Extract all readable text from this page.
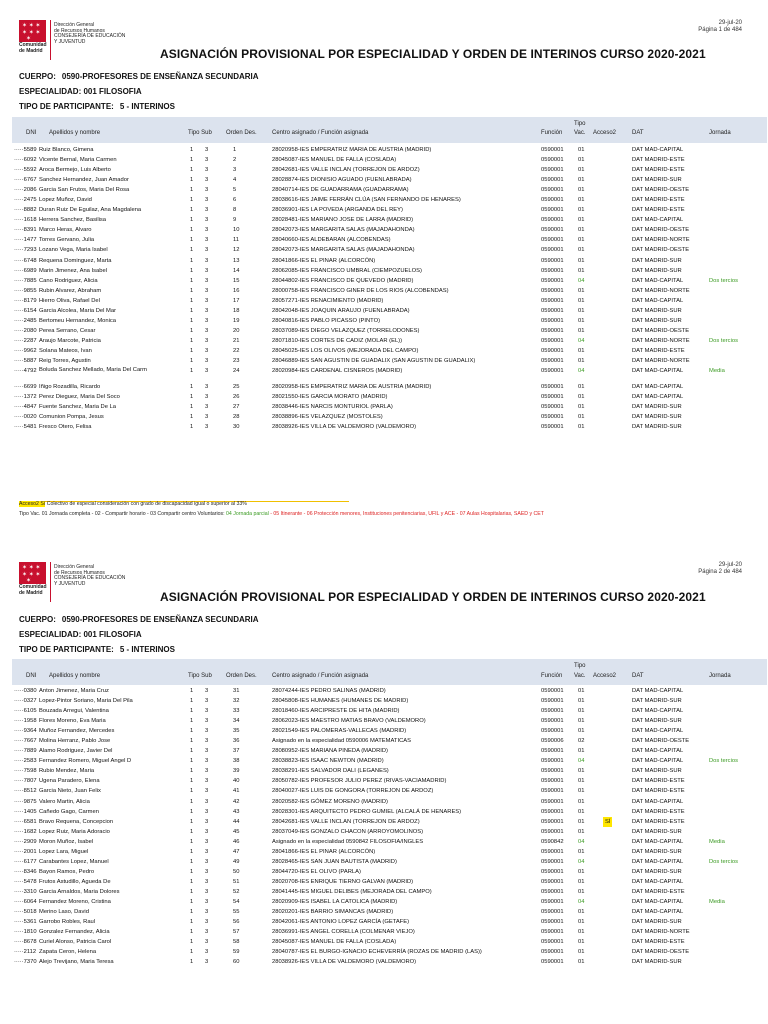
✶ ✶ ✶
✶ ✶ ✶
✶
Comunidad
de Madrid
Dirección General
de Recursos Humanos
CONSEJERÍA DE EDUCACIÓN
Y JUVENTUD
29-jul-20
Página 1 de 484
ASIGNACIÓN PROVISIONAL POR ESPECIALIDAD Y ORDEN DE INTERINOS CURSO 2020-2021
CUERPO: 0590-PROFESORES DE ENSEÑANZA SECUNDARIA
ESPECIALIDAD: 001 FILOSOFIA
TIPO DE PARTICIPANTE: 5 - INTERINOS
DNI Apellidos y nombre	Tipo Sub Orden Des.	Centro asignado / Función asignada	Función
Tipo
Vac. Acceso2	DAT	Jornada
·····5589 Ruiz Blanco, Gimena	1 3	1	28020958-IES EMPERATRIZ MARIA DE AUSTRIA (MADRID)	0590001 01	DAT MAD-CAPITAL
·····6092 Vicente Bernal, Maria Carmen	1 3	2	28045087-IES MANUEL DE FALLA (COSLADA)	0590001 01	DAT MADRID-ESTE
·····5592 Aroca Bermejo, Luis Alberto	1 3	3	28042681-IES VALLE INCLAN (TORREJON DE ARDOZ)	0590001 01	DAT MADRID-ESTE
·····6767 Sanchez Hernandez, Juan Amador	1 3	4	28028874-IES DIONISIO AGUADO (FUENLABRADA)	0590001 01	DAT MADRID-SUR
·····2086 Garcia San Frutos, Maria Del Rosa	1 3	5	28040714-IES DE GUADARRAMA (GUADARRAMA)	0590001 01	DAT MADRID-OESTE
·····2475 Lopez Muñoz, David	1 3	6	28038616-IES JAIME FERRÁN CLÚA (SAN FERNANDO DE HENARES)	0590001 01	DAT MADRID-ESTE
·····8882 Duran Ruiz De Eguilaz, Ana Magdalena	1 3	8	28036901-IES LA POVEDA (ARGANDA DEL REY)	0590001 01	DAT MADRID-ESTE
·····1618 Herrera Sanchez, Basilisa	1 3	9	28028481-IES MARIANO JOSE DE LARRA (MADRID)	0590001 01	DAT MAD-CAPITAL
·····8391 Marco Heras, Alvaro	1 3	10	28042073-IES MARGARITA SALAS (MAJADAHONDA)	0590001 01	DAT MADRID-OESTE
·····1477 Torres Gervano, Julia	1 3	11	28040660-IES ALDEBARAN (ALCOBENDAS)	0590001 01	DAT MADRID-NORTE
·····7293 Lozano Vega, Maria Isabel	1 3	12	28042073-IES MARGARITA SALAS (MAJADAHONDA)	0590001 01	DAT MADRID-OESTE
·····6748 Requena Dominguez, Marta	1 3	13	28041866-IES EL PINAR (ALCORCÓN)	0590001 01	DAT MADRID-SUR
·····6989 Marin Jimenez, Ana Isabel	1 3	14	28062085-IES FRANCISCO UMBRAL (CIEMPOZUELOS)	0590001 01	DAT MADRID-SUR
·····7885 Cano Rodriguez, Alicia	1 3	15	28044802-IES FRANCISCO DE QUEVEDO (MADRID)	0590001 04	DAT MAD-CAPITAL	Dos tercios
·····9855 Rubin Alvarez, Abraham	1 3	16	28000758-IES FRANCISCO GINER DE LOS RIOS (ALCOBENDAS)	0590001 01	DAT MADRID-NORTE
·····8179 Hierro Oliva, Rafael Del	1 3	17	28057271-IES RENACIMIENTO (MADRID)	0590001 01	DAT MAD-CAPITAL
·····6154 Garcia Alcolea, Maria Del Mar	1 3	18	28042048-IES JOAQUIN ARAUJO (FUENLABRADA)	0590001 01	DAT MADRID-SUR
·····2485 Bertomeu Hernandez, Monica	1 3	19	28040816-IES PABLO PICASSO (PINTO)	0590001 01	DAT MADRID-SUR
·····2080 Perea Serrano, Cesar	1 3	20	28037089-IES DIEGO VELAZQUEZ (TORRELODONES)	0590001 01	DAT MADRID-OESTE
·····2287 Araujo Marcote, Patricia	1 3	21	28071810-IES CORTES DE CADIZ (MOLAR (EL))	0590001 04	DAT MADRID-NORTE	Dos tercios
·····9962 Solana Mateos, Ivan	1 3	22	28045025-IES LOS OLIVOS (MEJORADA DEL CAMPO)	0590001 01	DAT MADRID-ESTE
·····5887 Reig Torres, Agustin	1 3	23	28046889-IES SAN AGUSTIN DE GUADALIX (SAN AGUSTIN DE GUADALIX)	0590001 01	DAT MADRID-NORTE
·····4792 Boluda Sanchez Mellado, Maria Del Carm	1 3	24	28020984-IES CARDENAL CISNEROS (MADRID)	0590001 04	DAT MAD-CAPITAL	Media
·····6699 Iñigo Rozadilla, Ricardo	1 3	25	28020958-IES EMPERATRIZ MARIA DE AUSTRIA (MADRID)	0590001 01	DAT MAD-CAPITAL
·····1372 Perez Dieguez, Maria Del Soco	1 3	26	28021550-IES GARCIA MORATO (MADRID)	0590001 01	DAT MAD-CAPITAL
·····4847 Fuente Sanchez, Maria De La	1 3	27	28038446-IES NARCIS MONTURIOL (PARLA)	0590001 01	DAT MADRID-SUR
·····0020 Comunion Pompa, Jesus	1 3	28	28038896-IES VELAZQUEZ (MOSTOLES)	0590001 01	DAT MADRID-SUR
·····5481 Fresco Otero, Felisa	1 3	30	28038926-IES VILLA DE VALDEMORO (VALDEMORO)	0590001 01	DAT MADRID-SUR
Acceso2 Sí Colectivo de especial consideración con grado de discapacidad igual o superior al 33%
Tipo Vac. 01 Jornada completa - 02 - Compartir horario - 03 Compartir centro Voluntarios: 04 Jornada parcial - 05 Itinerante - 06 Protección menores, Instituciones penitenciarias, UFIL y ACE - 07 Aulas Hospitalarias, SAED y CET
✶ ✶ ✶
✶ ✶ ✶
✶
Comunidad
de Madrid
Dirección General
de Recursos Humanos
CONSEJERÍA DE EDUCACIÓN
Y JUVENTUD
29-jul-20
Página 2 de 484
ASIGNACIÓN PROVISIONAL POR ESPECIALIDAD Y ORDEN DE INTERINOS CURSO 2020-2021
CUERPO: 0590-PROFESORES DE ENSEÑANZA SECUNDARIA
ESPECIALIDAD: 001 FILOSOFIA
TIPO DE PARTICIPANTE: 5 - INTERINOS
DNI Apellidos y nombre	Tipo Sub Orden Des.	Centro asignado / Función asignada	Función
Tipo
Vac. Acceso2	DAT	Jornada
·····0380 Anton Jimenez, Maria Cruz	1 3	31	28074244-IES PEDRO SALINAS (MADRID)	0590001 01	DAT MAD-CAPITAL
·····0327 Lopez-Pintor Soriano, Maria Del Pila	1 3	32	28045808-IES HUMANES (HUMANES DE MADRID)	0590001 01	DAT MADRID-SUR
·····6105 Bouzada Arregui, Valentina	1 3	33	28018460-IES ARCIPRESTE DE HITA (MADRID)	0590001 01	DAT MAD-CAPITAL
·····1958 Flores Moreno, Eva Maria	1 3	34	28062023-IES MAESTRO MATIAS BRAVO (VALDEMORO)	0590001 01	DAT MADRID-SUR
·····9364 Muñoz Fernandez, Mercedes	1 3	35	28021549-IES PALOMERAS-VALLECAS (MADRID)	0590001 01	DAT MAD-CAPITAL
·····7667 Molina Herranz, Pablo Jose	1 3	36	Asignado en la especialidad 0590006 MATEMATICAS	0590006 02	DAT MADRID-OESTE
·····7889 Alamo Rodriguez, Javier Del	1 3	37	28080952-IES MARIANA PINEDA (MADRID)	0590001 01	DAT MAD-CAPITAL
·····2583 Fernandez Romero, Miguel Angel D	1 3	38	28038823-IES ISAAC NEWTON (MADRID)	0590001 04	DAT MAD-CAPITAL	Dos tercios
·····7598 Rubio Mendez, Maria	1 3	39	28038291-IES SALVADOR DALI (LEGANES)	0590001 01	DAT MADRID-SUR
·····7807 Ugena Paradero, Elena	1 3	40	28050782-IES PROFESOR JULIO PEREZ (RIVAS-VACIAMADRID)	0590001 01	DAT MADRID-ESTE
·····8512 Garcia Nieto, Juan Felix	1 3	41	28040027-IES LUIS DE GONGORA (TORREJON DE ARDOZ)	0590001 01	DAT MADRID-ESTE
·····9875 Valero Martin, Alicia	1 3	42	28020582-IES GÓMEZ MORENO (MADRID)	0590001 01	DAT MAD-CAPITAL
·····1405 Cañedo Gago, Carmen	1 3	43	28028301-IES ARQUITECTO PEDRO GUMIEL (ALCALÁ DE HENARES)	0590001 01	DAT MADRID-ESTE
·····6581 Bravo Requena, Concepcion	1 3	44	28042681-IES VALLE INCLAN (TORREJON DE ARDOZ)	0590001 01	SÍ	DAT MADRID-ESTE
·····1682 Lopez Ruiz, Maria Adoracio	1 3	45	28037049-IES GONZALO CHACON (ARROYOMOLINOS)	0590001 01	DAT MADRID-SUR
·····2909 Moron Muñoz, Isabel	1 3	46	Asignado en la especialidad 0590842 FILOSOFIA/INGLES	0590842 04	DAT MAD-CAPITAL	Media
·····2001 Lopez Lara, Miguel	1 3	47	28041866-IES EL PINAR (ALCORCÓN)	0590001 01	DAT MADRID-SUR
·····6177 Carabantes Lopez, Manuel	1 3	49	28028465-IES SAN JUAN BAUTISTA (MADRID)	0590001 04	DAT MAD-CAPITAL	Dos tercios
·····8346 Bayon Ramos, Pedro	1 3	50	28044720-IES EL OLIVO (PARLA)	0590001 01	DAT MADRID-SUR
·····5478 Frutos Astudillo, Agueda De	1 3	51	28020708-IES ENRIQUE TIERNO GALVAN (MADRID)	0590001 01	DAT MAD-CAPITAL
·····3310 Garcia Arnaldos, Maria Dolores	1 3	52	28041445-IES MIGUEL DELIBES (MEJORADA DEL CAMPO)	0590001 01	DAT MADRID-ESTE
·····6064 Fernandez Moreno, Cristina	1 3	54	28020909-IES ISABEL LA CATOLICA (MADRID)	0590001 04	DAT MAD-CAPITAL	Media
·····5018 Merino Laso, David	1 3	55	28020201-IES BARRIO SIMANCAS (MADRID)	0590001 01	DAT MAD-CAPITAL
·····5361 Garrobo Robles, Raul	1 3	56	28042061-IES ANTONIO LOPEZ GARCÍA (GETAFE)	0590001 01	DAT MADRID-SUR
·····1810 Gonzalez Fernandez, Alicia	1 3	57	28036991-IES ANGEL CORELLA (COLMENAR VIEJO)	0590001 01	DAT MADRID-NORTE
·····8678 Curiel Alonso, Patricia Carol	1 3	58	28045087-IES MANUEL DE FALLA (COSLADA)	0590001 01	DAT MADRID-ESTE
·····2112 Zapata Ceron, Helena	1 3	59	28040787-IES EL BURGO-IGNACIO ECHEVERRÍA (ROZAS DE MADRID (LAS))	0590001 01	DAT MADRID-OESTE
·····7370 Alejo Trevijano, Maria Teresa	1 3	60	28038926-IES VILLA DE VALDEMORO (VALDEMORO)	0590001 01	DAT MADRID-SUR
